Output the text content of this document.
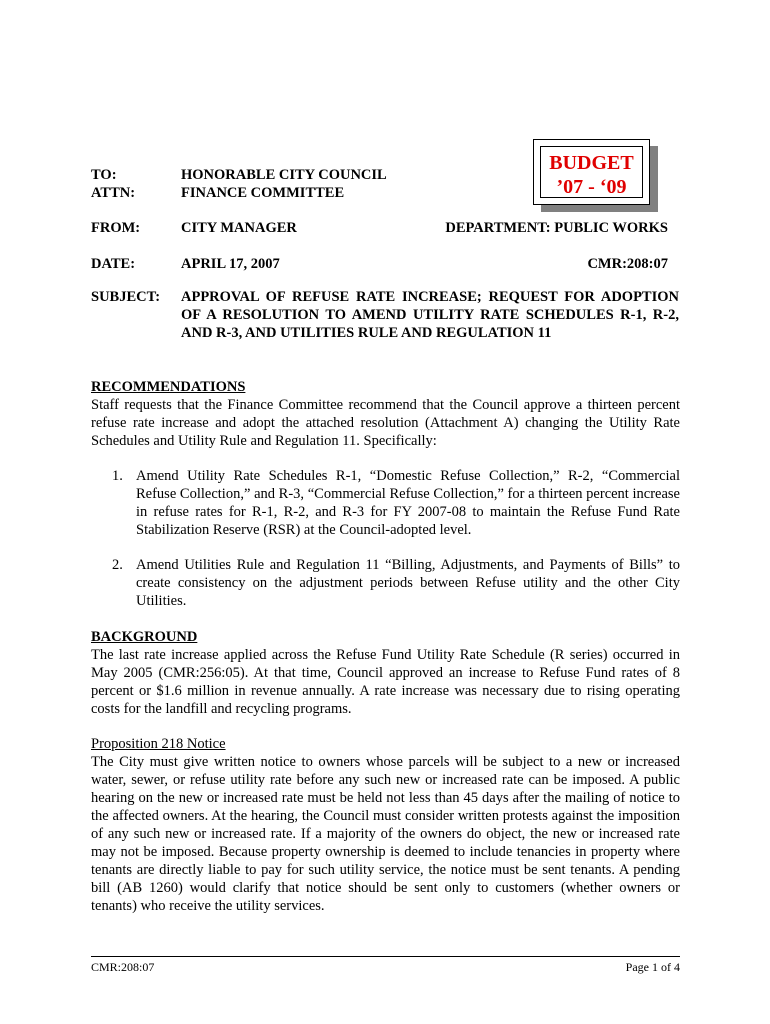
BUDGET
’07 - ‘09
TO:	HONORABLE CITY COUNCIL
ATTN:	FINANCE COMMITTEE
FROM:	CITY MANAGER	DEPARTMENT: PUBLIC WORKS
DATE:	APRIL 17, 2007	CMR:208:07
SUBJECT: APPROVAL OF REFUSE RATE INCREASE; REQUEST FOR ADOPTION OF A RESOLUTION TO AMEND UTILITY RATE SCHEDULES R-1, R-2, AND R-3, AND UTILITIES RULE AND REGULATION 11
RECOMMENDATIONS

Staff requests that the Finance Committee recommend that the Council approve a thirteen percent refuse rate increase and adopt the attached resolution (Attachment A) changing the Utility Rate Schedules and Utility Rule and Regulation 11. Specifically:

1. Amend Utility Rate Schedules R-1, “Domestic Refuse Collection,” R-2, “Commercial Refuse Collection,” and R-3, “Commercial Refuse Collection,” for a thirteen percent increase in refuse rates for R-1, R-2, and R-3 for FY 2007-08 to maintain the Refuse Fund Rate Stabilization Reserve (RSR) at the Council-adopted level.
2. Amend Utilities Rule and Regulation 11 “Billing, Adjustments, and Payments of Bills” to create consistency on the adjustment periods between Refuse utility and the other City Utilities.
BACKGROUND

The last rate increase applied across the Refuse Fund Utility Rate Schedule (R series) occurred in May 2005 (CMR:256:05). At that time, Council approved an increase to Refuse Fund rates of 8 percent or $1.6 million in revenue annually. A rate increase was necessary due to rising operating costs for the landfill and recycling programs.

Proposition 218 Notice

The City must give written notice to owners whose parcels will be subject to a new or increased water, sewer, or refuse utility rate before any such new or increased rate can be imposed. A public hearing on the new or increased rate must be held not less than 45 days after the mailing of notice to the affected owners. At the hearing, the Council must consider written protests against the imposition of any such new or increased rate. If a majority of the owners do object, the new or increased rate may not be imposed. Because property ownership is deemed to include tenancies in property where tenants are directly liable to pay for such utility service, the notice must be sent tenants. A pending bill (AB 1260) would clarify that notice should be sent only to customers (whether owners or tenants) who receive the utility services.

CMR:208:07	Page 1 of 4
